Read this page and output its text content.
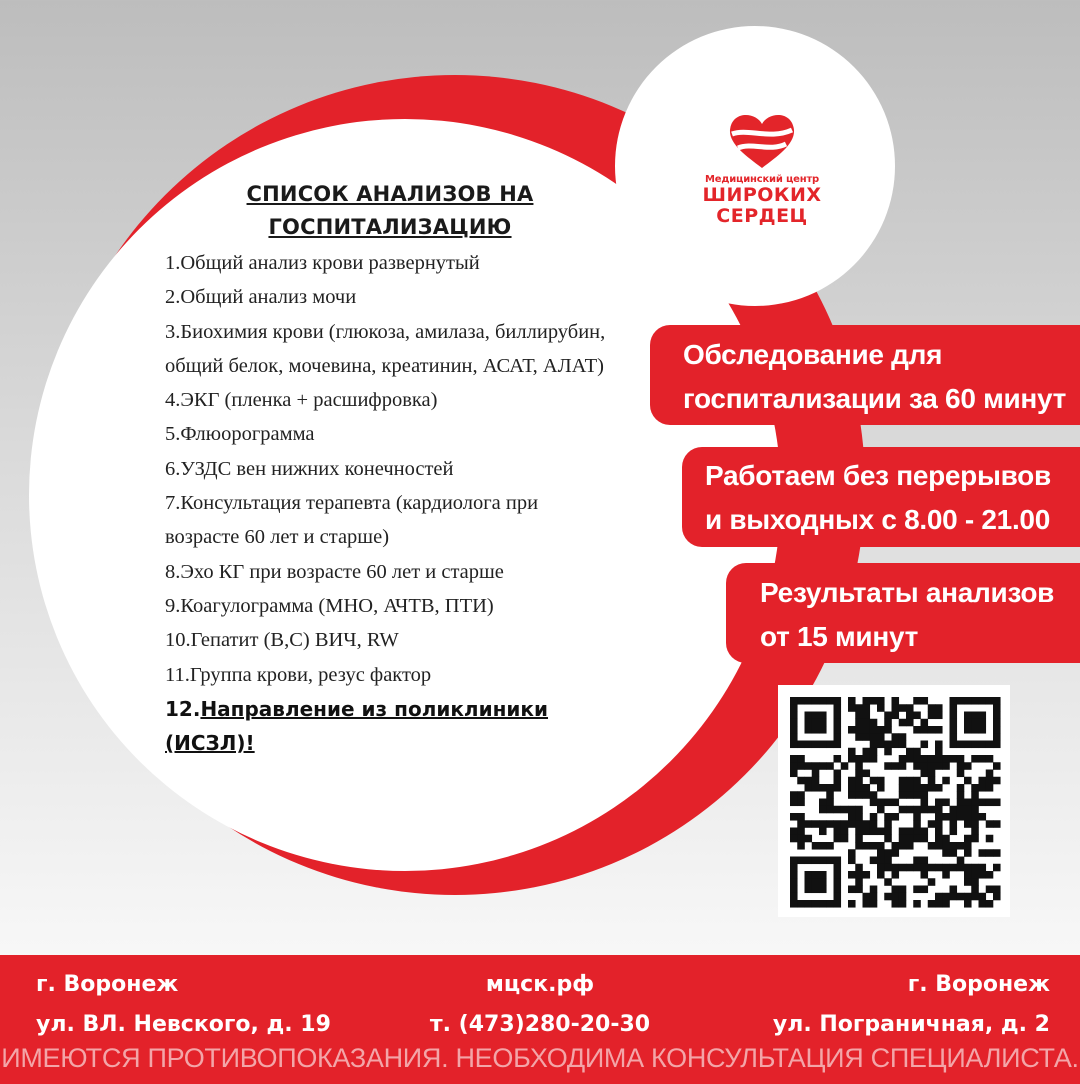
Медицинский центр
ШИРОКИХ
СЕРДЕЦ
СПИСОК АНАЛИЗОВ НА ГОСПИТАЛИЗАЦИЮ
1.Общий анализ крови развернутый
2.Общий анализ мочи
3.Биохимия крови (глюкоза, амилаза, биллирубин,
общий белок, мочевина, креатинин, АСАТ, АЛАТ)
4.ЭКГ (пленка + расшифровка)
5.Флюорограмма
6.УЗДС вен нижних конечностей
7.Консультация терапевта (кардиолога при
возрасте 60 лет и старше)
8.Эхо КГ при возрасте 60 лет и старше
9.Коагулограмма (МНО, АЧТВ, ПТИ)
10.Гепатит (В,С) ВИЧ, RW
11.Группа крови, резус фактор
12.Направление из поликлиники
(ИСЗЛ)!
Обследование для
госпитализации за 60 минут
Работаем без перерывов
и выходных с 8.00 - 21.00
Результаты анализов
от 15 минут
г. Воронеж
ул. ВЛ. Невского, д. 19
мцск.рф
т. (473)280-20-30
г. Воронеж
ул. Пограничная, д. 2
ИМЕЮТСЯ ПРОТИВОПОКАЗАНИЯ. НЕОБХОДИМА КОНСУЛЬТАЦИЯ СПЕЦИАЛИСТА.
